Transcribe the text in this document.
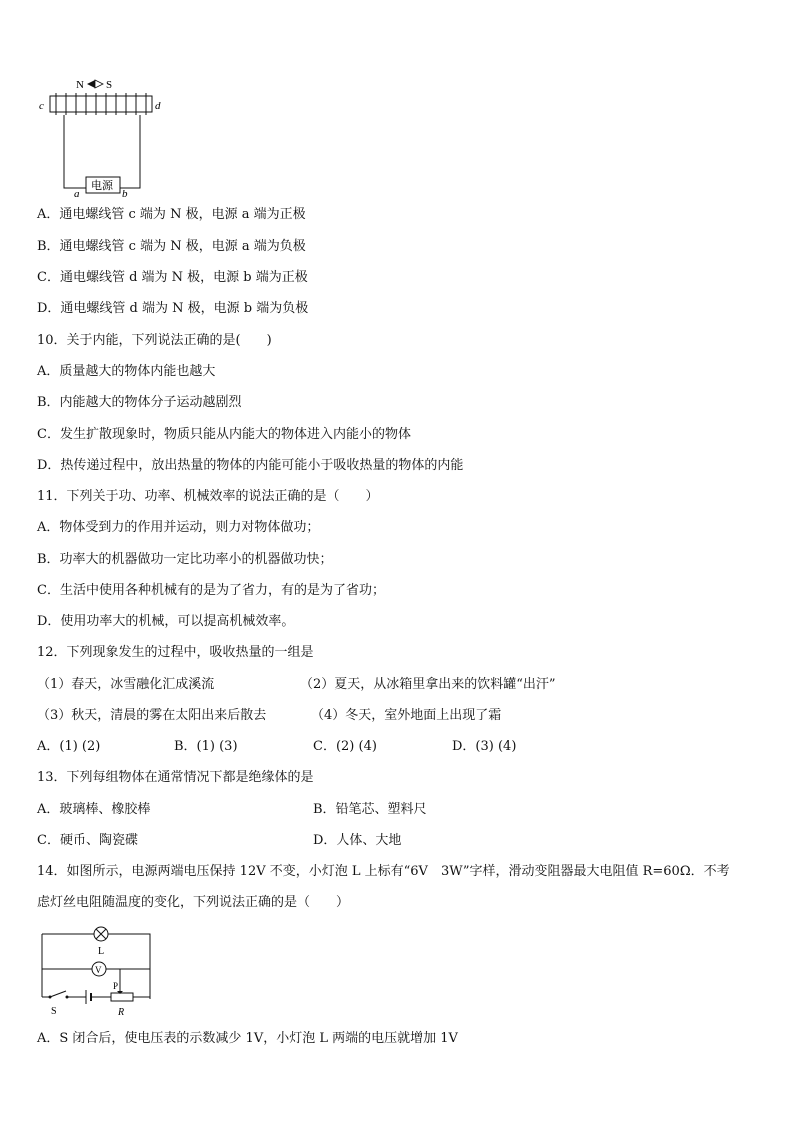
N S
c	d
电源
a	b
A．通电螺线管 c 端为 N 极，电源 a 端为正极
B．通电螺线管 c 端为 N 极，电源 a 端为负极
C．通电螺线管 d 端为 N 极，电源 b 端为正极
D．通电螺线管 d 端为 N 极，电源 b 端为负极
10．关于内能，下列说法正确的是(　　)
A．质量越大的物体内能也越大
B．内能越大的物体分子运动越剧烈
C．发生扩散现象时，物质只能从内能大的物体进入内能小的物体
D．热传递过程中，放出热量的物体的内能可能小于吸收热量的物体的内能
11．下列关于功、功率、机械效率的说法正确的是（　　）
A．物体受到力的作用并运动，则力对物体做功；
B．功率大的机器做功一定比功率小的机器做功快；
C．生活中使用各种机械有的是为了省力，有的是为了省功；
D．使用功率大的机械，可以提高机械效率。
12．下列现象发生的过程中，吸收热量的一组是
（1）春天，冰雪融化汇成溪流	（2）夏天，从冰箱里拿出来的饮料罐“出汗”
（3）秋天，清晨的雾在太阳出来后散去	（4）冬天，室外地面上出现了霜
A．(1) (2)	B．(1) (3)	C．(2) (4)	D．(3) (4)
13．下列每组物体在通常情况下都是绝缘体的是
A．玻璃棒、橡胶棒	B．铅笔芯、塑料尺
C．硬币、陶瓷碟	D．人体、大地
14．如图所示，电源两端电压保持 12V 不变，小灯泡 L 上标有“6V　3W”字样，滑动变阻器最大电阻值 R=60Ω．不考
虑灯丝电阻随温度的变化，下列说法正确的是（　　）
L
V
S
P
R
A．S 闭合后，使电压表的示数减少 1V，小灯泡 L 两端的电压就增加 1V
